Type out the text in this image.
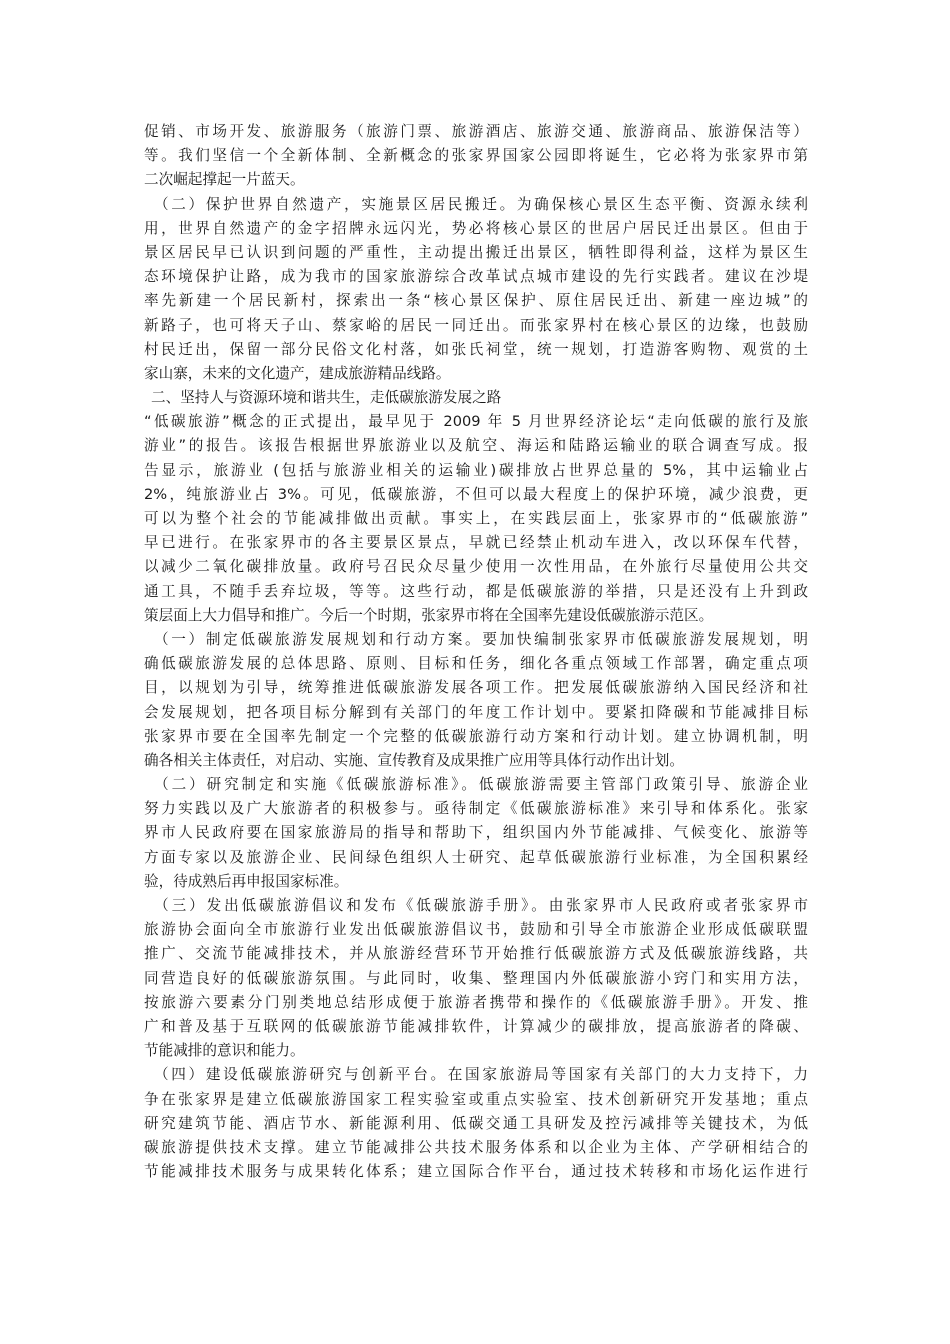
促销、市场开发、旅游服务（旅游门票、旅游酒店、旅游交通、旅游商品、旅游保洁等）
等。我们坚信一个全新体制、全新概念的张家界国家公园即将诞生，它必将为张家界市第
二次崛起撑起一片蓝天。
　（二）保护世界自然遗产，实施景区居民搬迁。为确保核心景区生态平衡、资源永续利
用，世界自然遗产的金字招牌永远闪光，势必将核心景区的世居户居民迁出景区。但由于
景区居民早已认识到问题的严重性，主动提出搬迁出景区，牺牲即得利益，这样为景区生
态环境保护让路，成为我市的国家旅游综合改革试点城市建设的先行实践者。建议在沙堤
率先新建一个居民新村，探索出一条“核心景区保护、原住居民迁出、新建一座边城”的
新路子，也可将天子山、蔡家峪的居民一同迁出。而张家界村在核心景区的边缘，也鼓励
村民迁出，保留一部分民俗文化村落，如张氏祠堂，统一规划，打造游客购物、观赏的土
家山寨，未来的文化遗产，建成旅游精品线路。
二、坚持人与资源环境和谐共生，走低碳旅游发展之路
“低碳旅游”概念的正式提出，最早见于 2009 年 5 月世界经济论坛“走向低碳的旅行及旅
游业”的报告。该报告根据世界旅游业以及航空、海运和陆路运输业的联合调查写成。报
告显示，旅游业 (包括与旅游业相关的运输业)碳排放占世界总量的 5%，其中运输业占
2%，纯旅游业占 3%。可见，低碳旅游，不但可以最大程度上的保护环境，减少浪费，更
可以为整个社会的节能减排做出贡献。事实上，在实践层面上，张家界市的“低碳旅游”
早已进行。在张家界市的各主要景区景点，早就已经禁止机动车进入，改以环保车代替，
以减少二氧化碳排放量。政府号召民众尽量少使用一次性用品，在外旅行尽量使用公共交
通工具，不随手丢弃垃圾，等等。这些行动，都是低碳旅游的举措，只是还没有上升到政
策层面上大力倡导和推广。今后一个时期，张家界市将在全国率先建设低碳旅游示范区。
　（一）制定低碳旅游发展规划和行动方案。要加快编制张家界市低碳旅游发展规划，明
确低碳旅游发展的总体思路、原则、目标和任务，细化各重点领域工作部署，确定重点项
目，以规划为引导，统筹推进低碳旅游发展各项工作。把发展低碳旅游纳入国民经济和社
会发展规划，把各项目标分解到有关部门的年度工作计划中。要紧扣降碳和节能减排目标
张家界市要在全国率先制定一个完整的低碳旅游行动方案和行动计划。建立协调机制，明
确各相关主体责任，对启动、实施、宣传教育及成果推广应用等具体行动作出计划。
　（二）研究制定和实施《低碳旅游标准》。低碳旅游需要主管部门政策引导、旅游企业
努力实践以及广大旅游者的积极参与。亟待制定《低碳旅游标准》来引导和体系化。张家
界市人民政府要在国家旅游局的指导和帮助下，组织国内外节能减排、气候变化、旅游等
方面专家以及旅游企业、民间绿色组织人士研究、起草低碳旅游行业标准，为全国积累经
验，待成熟后再申报国家标准。
　（三）发出低碳旅游倡议和发布《低碳旅游手册》。由张家界市人民政府或者张家界市
旅游协会面向全市旅游行业发出低碳旅游倡议书，鼓励和引导全市旅游企业形成低碳联盟
推广、交流节能减排技术，并从旅游经营环节开始推行低碳旅游方式及低碳旅游线路，共
同营造良好的低碳旅游氛围。与此同时，收集、整理国内外低碳旅游小窍门和实用方法，
按旅游六要素分门别类地总结形成便于旅游者携带和操作的《低碳旅游手册》。开发、推
广和普及基于互联网的低碳旅游节能减排软件，计算减少的碳排放，提高旅游者的降碳、
节能减排的意识和能力。
　（四）建设低碳旅游研究与创新平台。在国家旅游局等国家有关部门的大力支持下，力
争在张家界是建立低碳旅游国家工程实验室或重点实验室、技术创新研究开发基地；重点
研究建筑节能、酒店节水、新能源利用、低碳交通工具研发及控污减排等关键技术，为低
碳旅游提供技术支撑。建立节能减排公共技术服务体系和以企业为主体、产学研相结合的
节能减排技术服务与成果转化体系；建立国际合作平台，通过技术转移和市场化运作进行
